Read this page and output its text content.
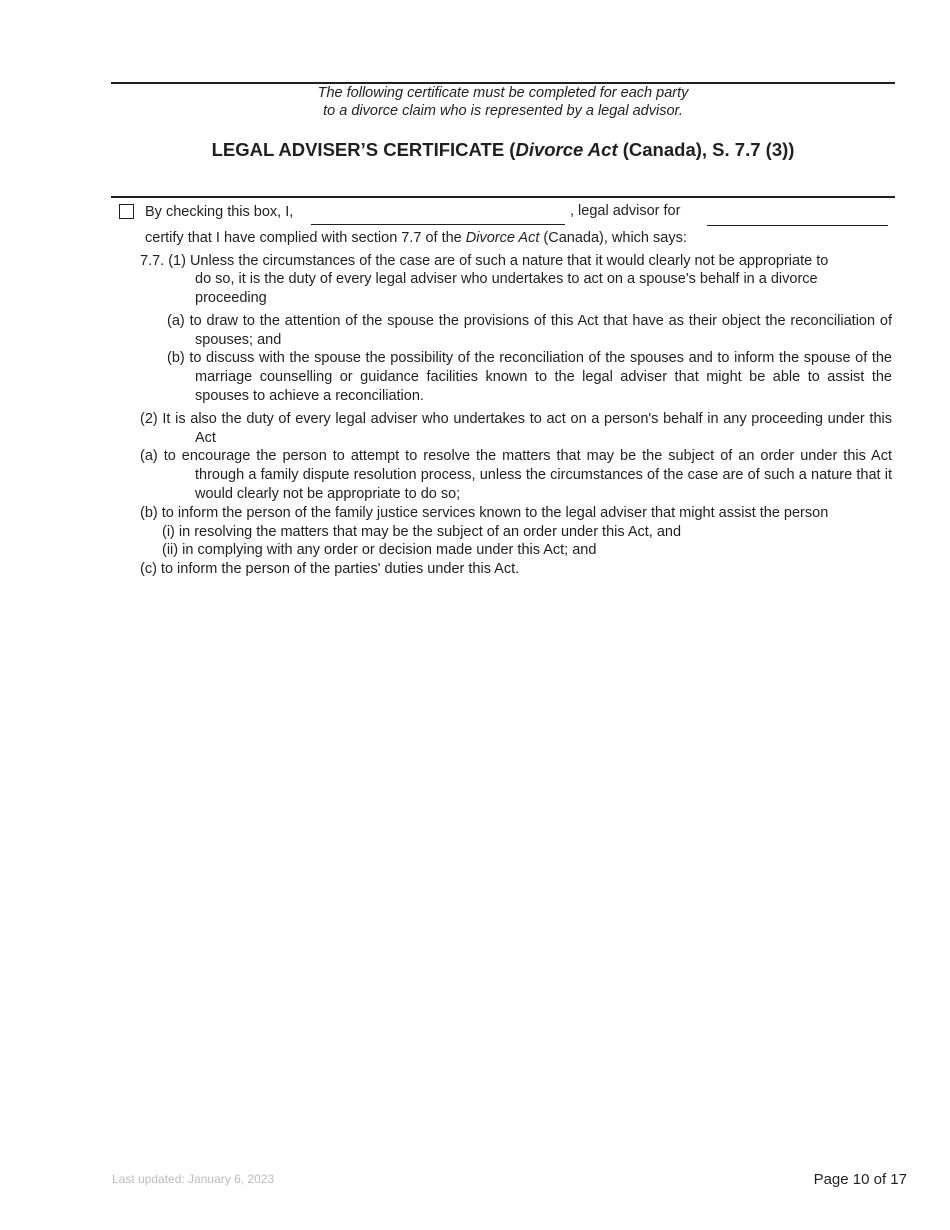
The following certificate must be completed for each party
to a divorce claim who is represented by a legal advisor.
LEGAL ADVISER’S CERTIFICATE (Divorce Act (Canada), S. 7.7 (3))
By checking this box, I,	, legal advisor for
certify that I have complied with section 7.7 of the Divorce Act (Canada), which says:
7.7. (1) Unless the circumstances of the case are of such a nature that it would clearly not be appropriate to
do so, it is the duty of every legal adviser who undertakes to act on a spouse's behalf in a divorce proceeding
(a) to draw to the attention of the spouse the provisions of this Act that have as their object the reconciliation of spouses; and
(b) to discuss with the spouse the possibility of the reconciliation of the spouses and to inform the spouse of the marriage counselling or guidance facilities known to the legal adviser that might be able to assist the spouses to achieve a reconciliation.
(2) It is also the duty of every legal adviser who undertakes to act on a person's behalf in any proceeding under this Act
(a) to encourage the person to attempt to resolve the matters that may be the subject of an order under this Act through a family dispute resolution process, unless the circumstances of the case are of such a nature that it would clearly not be appropriate to do so;
(b) to inform the person of the family justice services known to the legal adviser that might assist the person
(i) in resolving the matters that may be the subject of an order under this Act, and
(ii) in complying with any order or decision made under this Act; and
(c) to inform the person of the parties' duties under this Act.
Last updated: January 6, 2023	Page 10 of 17
